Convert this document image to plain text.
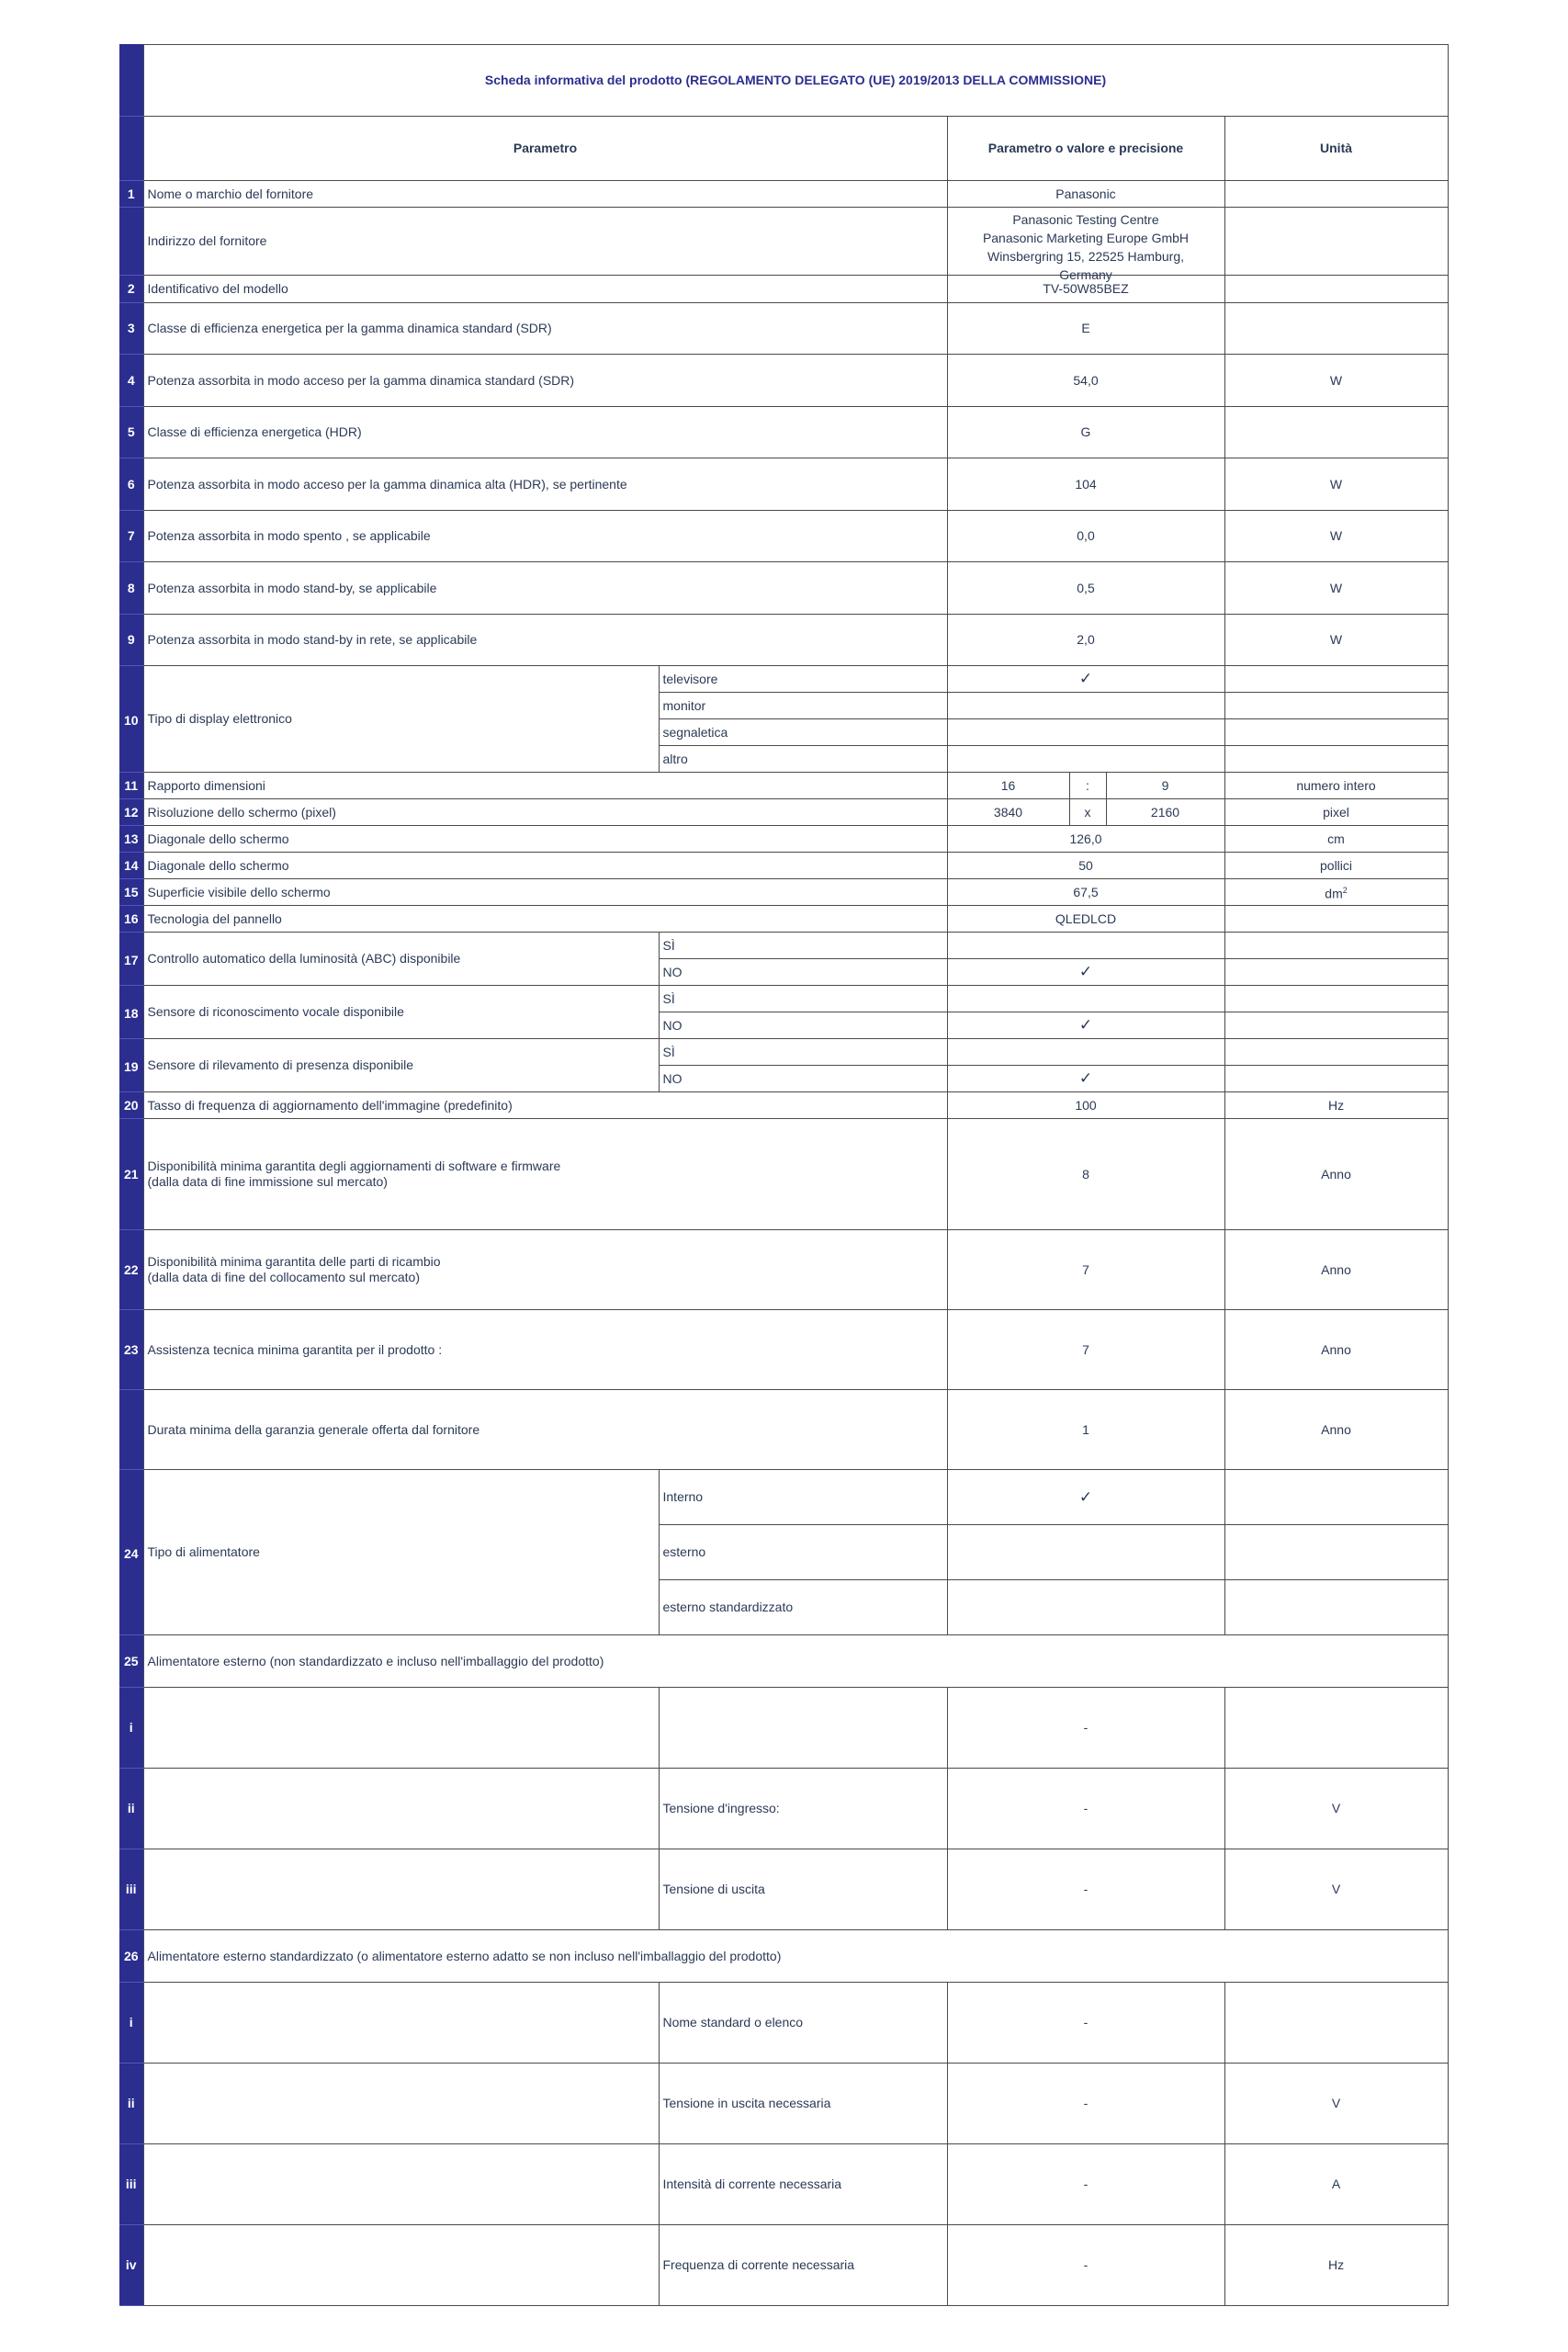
	Scheda informativa del prodotto (REGOLAMENTO DELEGATO (UE) 2019/2013 DELLA COMMISSIONE)					
	Parametro		Parametro o valore e precisione			Unità
1	Nome o marchio del fornitore		Panasonic			
	Indirizzo del fornitore		Panasonic Testing Centre
Panasonic Marketing Europe GmbH
Winsbergring 15, 22525 Hamburg,
Germany			

2	Identificativo del modello		TV-50W85BEZ			
3	Classe di efficienza energetica per la gamma dinamica standard (SDR)		E			
4	Potenza assorbita in modo acceso per la gamma dinamica standard (SDR)		54,0			W
5	Classe di efficienza energetica (HDR)		G			
6	Potenza assorbita in modo acceso per la gamma dinamica alta (HDR), se pertinente		104			W
7	Potenza assorbita in modo spento , se applicabile		0,0			W
8	Potenza assorbita in modo stand-by, se applicabile		0,5			W
9	Potenza assorbita in modo stand-by in rete, se applicabile		2,0			W
10	Tipo di display elettronico	televisore	✓			
		monitor				
		segnaletica				
		altro				
11	Rapporto dimensioni		16	:	9	numero intero
12	Risoluzione dello schermo (pixel)		3840	x	2160	pixel
13	Diagonale dello schermo		126,0			cm
14	Diagonale dello schermo		50			pollici
15	Superficie visibile dello schermo		67,5			$dm^2$
16	Tecnologia del pannello		QLEDLCD			
17	Controllo automatico della luminosità (ABC) disponibile	SÌ				
		NO	✓			
18	Sensore di riconoscimento vocale disponibile	SÌ				
		NO	✓			
19	Sensore di rilevamento di presenza disponibile	SÌ				
		NO	✓			
20	Tasso di frequenza di aggiornamento dell'immagine (predefinito)		100			Hz
21	Disponibilità minima garantita degli aggiornamenti di software e firmware
(dalla data di fine immissione sul mercato)		8			Anno
22	Disponibilità minima garantita delle parti di ricambio
(dalla data di fine del collocamento sul mercato)		7			Anno
23	Assistenza tecnica minima garantita per il prodotto :		7			Anno
	Durata minima della garanzia generale offerta dal fornitore		1			Anno
24	Tipo di alimentatore	Interno	✓			
		esterno				
		esterno standardizzato				
25	Alimentatore esterno (non standardizzato e incluso nell'imballaggio del prodotto)					
i			-			
ii		Tensione d'ingresso:	-			V
iii		Tensione di uscita	-			V
26	Alimentatore esterno standardizzato (o alimentatore esterno adatto se non incluso nell'imballaggio del prodotto)					
i		Nome standard o elenco	-			
ii		Tensione in uscita necessaria	-			V
iii		Intensità di corrente necessaria	-			A
iv		Frequenza di corrente necessaria	-			Hz
